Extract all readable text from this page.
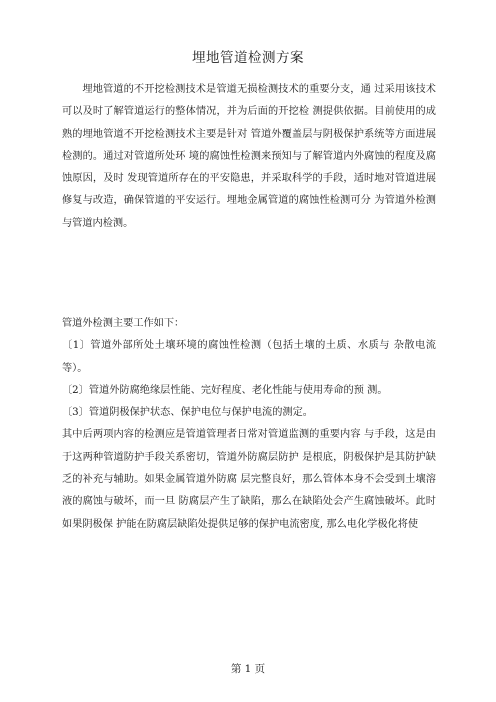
埋地管道检测方案
埋地管道的不开挖检测技术是管道无损检测技术的重要分支，通 过采用该技术可以及时了解管道运行的整体情况，并为后面的开挖检 测提供依据。目前使用的成熟的埋地管道不开挖检测技术主要是针对 管道外覆盖层与阴极保护系统等方面进展检测的。通过对管道所处环 境的腐蚀性检测来预知与了解管道内外腐蚀的程度及腐蚀原因，及时 发现管道所存在的平安隐患，并采取科学的手段，适时地对管道进展 修复与改造，确保管道的平安运行。埋地金属管道的腐蚀性检测可分 为管道外检测与管道内检测。

管道外检测主要工作如下：

〔1〕管道外部所处土壤环境的腐蚀性检测（包括土壤的土质、水质与 杂散电流等）。

〔2〕管道外防腐绝缘层性能、完好程度、老化性能与使用寿命的预 测。

〔3〕管道阴极保护状态、保护电位与保护电流的测定。

其中后两项内容的检测应是管道管理者日常对管道监测的重要内容 与手段，这是由于这两种管道防护手段关系密切，管道外防腐层防护 是根底，阴极保护是其防护缺乏的补充与辅助。如果金属管道外防腐 层完整良好，那么管体本身不会受到土壤溶液的腐蚀与破坏，而一旦 防腐层产生了缺陷，那么在缺陷处会产生腐蚀破坏。此时如果阴极保 护能在防腐层缺陷处提供足够的保护电流密度, 那么电化学极化将使

第 1 页
